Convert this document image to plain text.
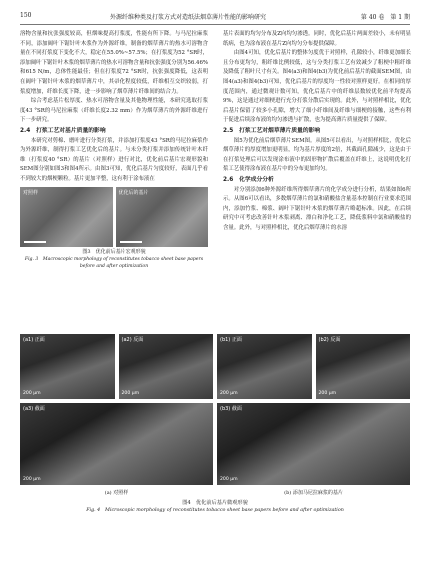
150	外源纤维种类及打浆方式对造纸法烟草薄片性能的影响研究	第 40 卷　第 1 期

溶物含量和抗张强度较高，但烟味提高打浆度，性能有所下降。与马尼拉麻浆不同，添加阔叶下锯针叶木浆作为外源纤维，制备的烟草薄片的热水可溶物含量在不同打浆度下变化不大，稳定在55.0%~57.5%；在打浆度为52 °SR时，添加阔叶下锯针叶木浆的烟草薄片的热水可溶物含量和抗张强度分别为56.46%和615 N/m，总体性能最佳；但在打浆度72 °SR时，抗张强度降低，这表明在阔叶下锯针叶木浆的烟草薄片中，其帚化程度较低，纤维相互交织较弱，打浆度增加，纤维长度下降，进一步影响了烟草薄片纤维间的结合力。

综合考虑基片松厚度、热水可溶物含量及其他物理性能，本研究选取打浆度43 °SR的马尼拉麻浆（纤维长度2.32 mm）作为烟草薄片的外源纤维进行下一步研究。

2.4　打浆工艺对基片质量的影响

本研究对剪棉、磨叶进行分类打浆，并添加打浆度43 °SR的马尼拉麻浆作为外源纤维，制得打浆工艺优化后的基片。与未分类打浆并添加传统针叶木纤维（打浆度40 °SR）的基片（对照样）进行对比，优化前后基片宏观形貌和SEM图分别如图3和图4所示。由图3可知，优化后基片匀度较好，表面几乎看不到较大的烟梗颗粒。基片更加平整，这有利于涂布液在

对照样	优化后的基片
图3　优化前后基片宏观形貌
Fig. 3　Macroscopic morphology of reconstitutes tobacco sheet base papers before and after optimization

基片表面的均匀分布及Z向均匀渗透。同时，优化后基片两面差较小，未有明显纸病，也为涂布液在基片Z向均匀分布提供保障。

由图4可知，优化后基片的整体匀度优于对照样，孔隙较小，纤维更加细长且分布更均匀，粗纤维比例较低，这与分类打浆工艺有效减少了粗梗中粗纤维及降低了粗叶尺寸有关。图4(a3)和图4(b3)为优化前后基片的截面SEM图，由图4(a3)和图4(b3)可知，优化后基片的厚度均一性较对照样更好。在相同的厚度范围内，通过微观计数可知，优化后基片中的纤维层数较优化前平均提高9%，这是通过对细梗进行充分打浆分散后实现的。此外，与对照样相比，优化后基片保留了较多小孔隙，增大了细小纤维间及纤维与细梗的接触，这些有利于促进后续涂布液的均匀渗透与扩散，也为提高薄片质量提供了保障。

2.5　打浆工艺对烟草薄片质量的影响

图5为优化前后烟草薄片SEM图。从图5可以看出，与对照样相比，优化后烟草薄片的厚度增加更明显，均为基片厚度的2倍，其截面孔隙减少，这是由于在打浆处理后可以发现涂布液中的固形物扩散后覆盖在纤维上，这说明优化打浆工艺使得涂布液在基片中的分布更加均匀。

2.6　化学成分分析

对分别添加6种外源纤维所得烟草薄片的化学成分进行分析，结果如图6所示。从图6可以看出，多数烟草薄片的氯和硝酸盐含量基本控制在行业要求范围内，添加竹浆、棉浆、阔叶下锯针叶木浆的烟草薄片略超标准。因此，在后续研究中可考虑改善针叶木浆剥离、漂白和净化工艺，降低浆料中氯和硝酸盐的含量。此外，与对照样相比，优化后烟草薄片的水溶

(a1) 正面
200 μm
(a2) 反面
200 μm
(b1) 正面
200 μm
(b2) 反面
200 μm
(a3) 截面
200 μm
(b3) 截面
200 μm
(a) 对照样	(b) 添加马尼拉麻浆的基片
图4　优化前后基片微观形貌
Fig. 4　Microscopic morphology of reconstitutes tobacco sheet base papers before and after optimization
